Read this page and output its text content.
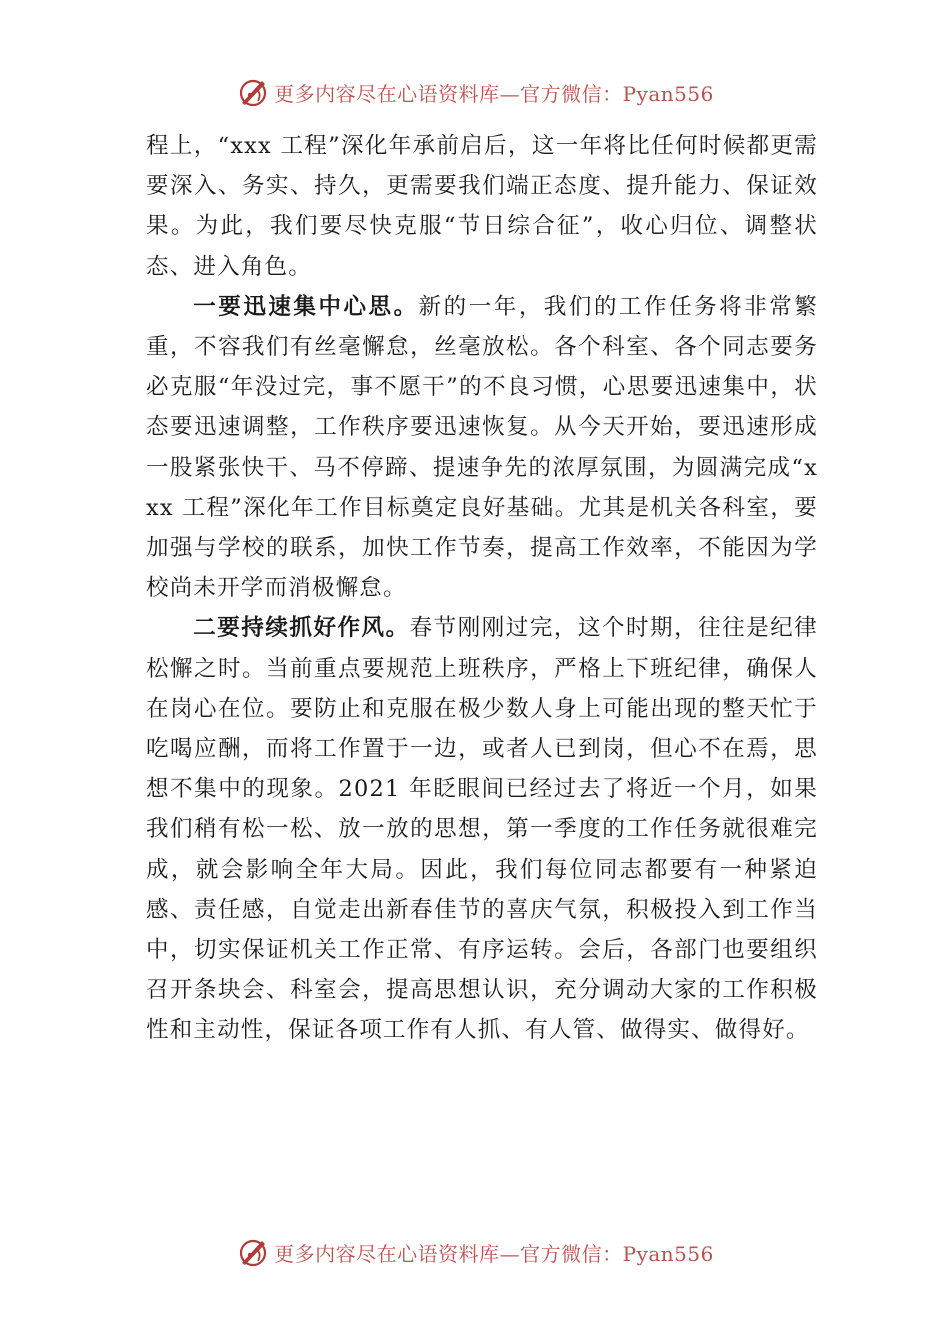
更多内容尽在心语资料库—官方微信：Pyan556

程上，“xxx 工程”深化年承前启后，这一年将比任何时候都更需要深入、务实、持久，更需要我们端正态度、提升能力、保证效果。为此，我们要尽快克服“节日综合征”，收心归位、调整状态、进入角色。

一要迅速集中心思。新的一年，我们的工作任务将非常繁重，不容我们有丝毫懈怠，丝毫放松。各个科室、各个同志要务必克服“年没过完，事不愿干”的不良习惯，心思要迅速集中，状态要迅速调整，工作秩序要迅速恢复。从今天开始，要迅速形成一股紧张快干、马不停蹄、提速争先的浓厚氛围，为圆满完成“xxx 工程”深化年工作目标奠定良好基础。尤其是机关各科室，要加强与学校的联系，加快工作节奏，提高工作效率，不能因为学校尚未开学而消极懈怠。

二要持续抓好作风。春节刚刚过完，这个时期，往往是纪律松懈之时。当前重点要规范上班秩序，严格上下班纪律，确保人在岗心在位。要防止和克服在极少数人身上可能出现的整天忙于吃喝应酬，而将工作置于一边，或者人已到岗，但心不在焉，思想不集中的现象。2021 年眨眼间已经过去了将近一个月，如果我们稍有松一松、放一放的思想，第一季度的工作任务就很难完成，就会影响全年大局。因此，我们每位同志都要有一种紧迫感、责任感，自觉走出新春佳节的喜庆气氛，积极投入到工作当中，切实保证机关工作正常、有序运转。会后，各部门也要组织召开条块会、科室会，提高思想认识，充分调动大家的工作积极性和主动性，保证各项工作有人抓、有人管、做得实、做得好。

更多内容尽在心语资料库—官方微信：Pyan556
